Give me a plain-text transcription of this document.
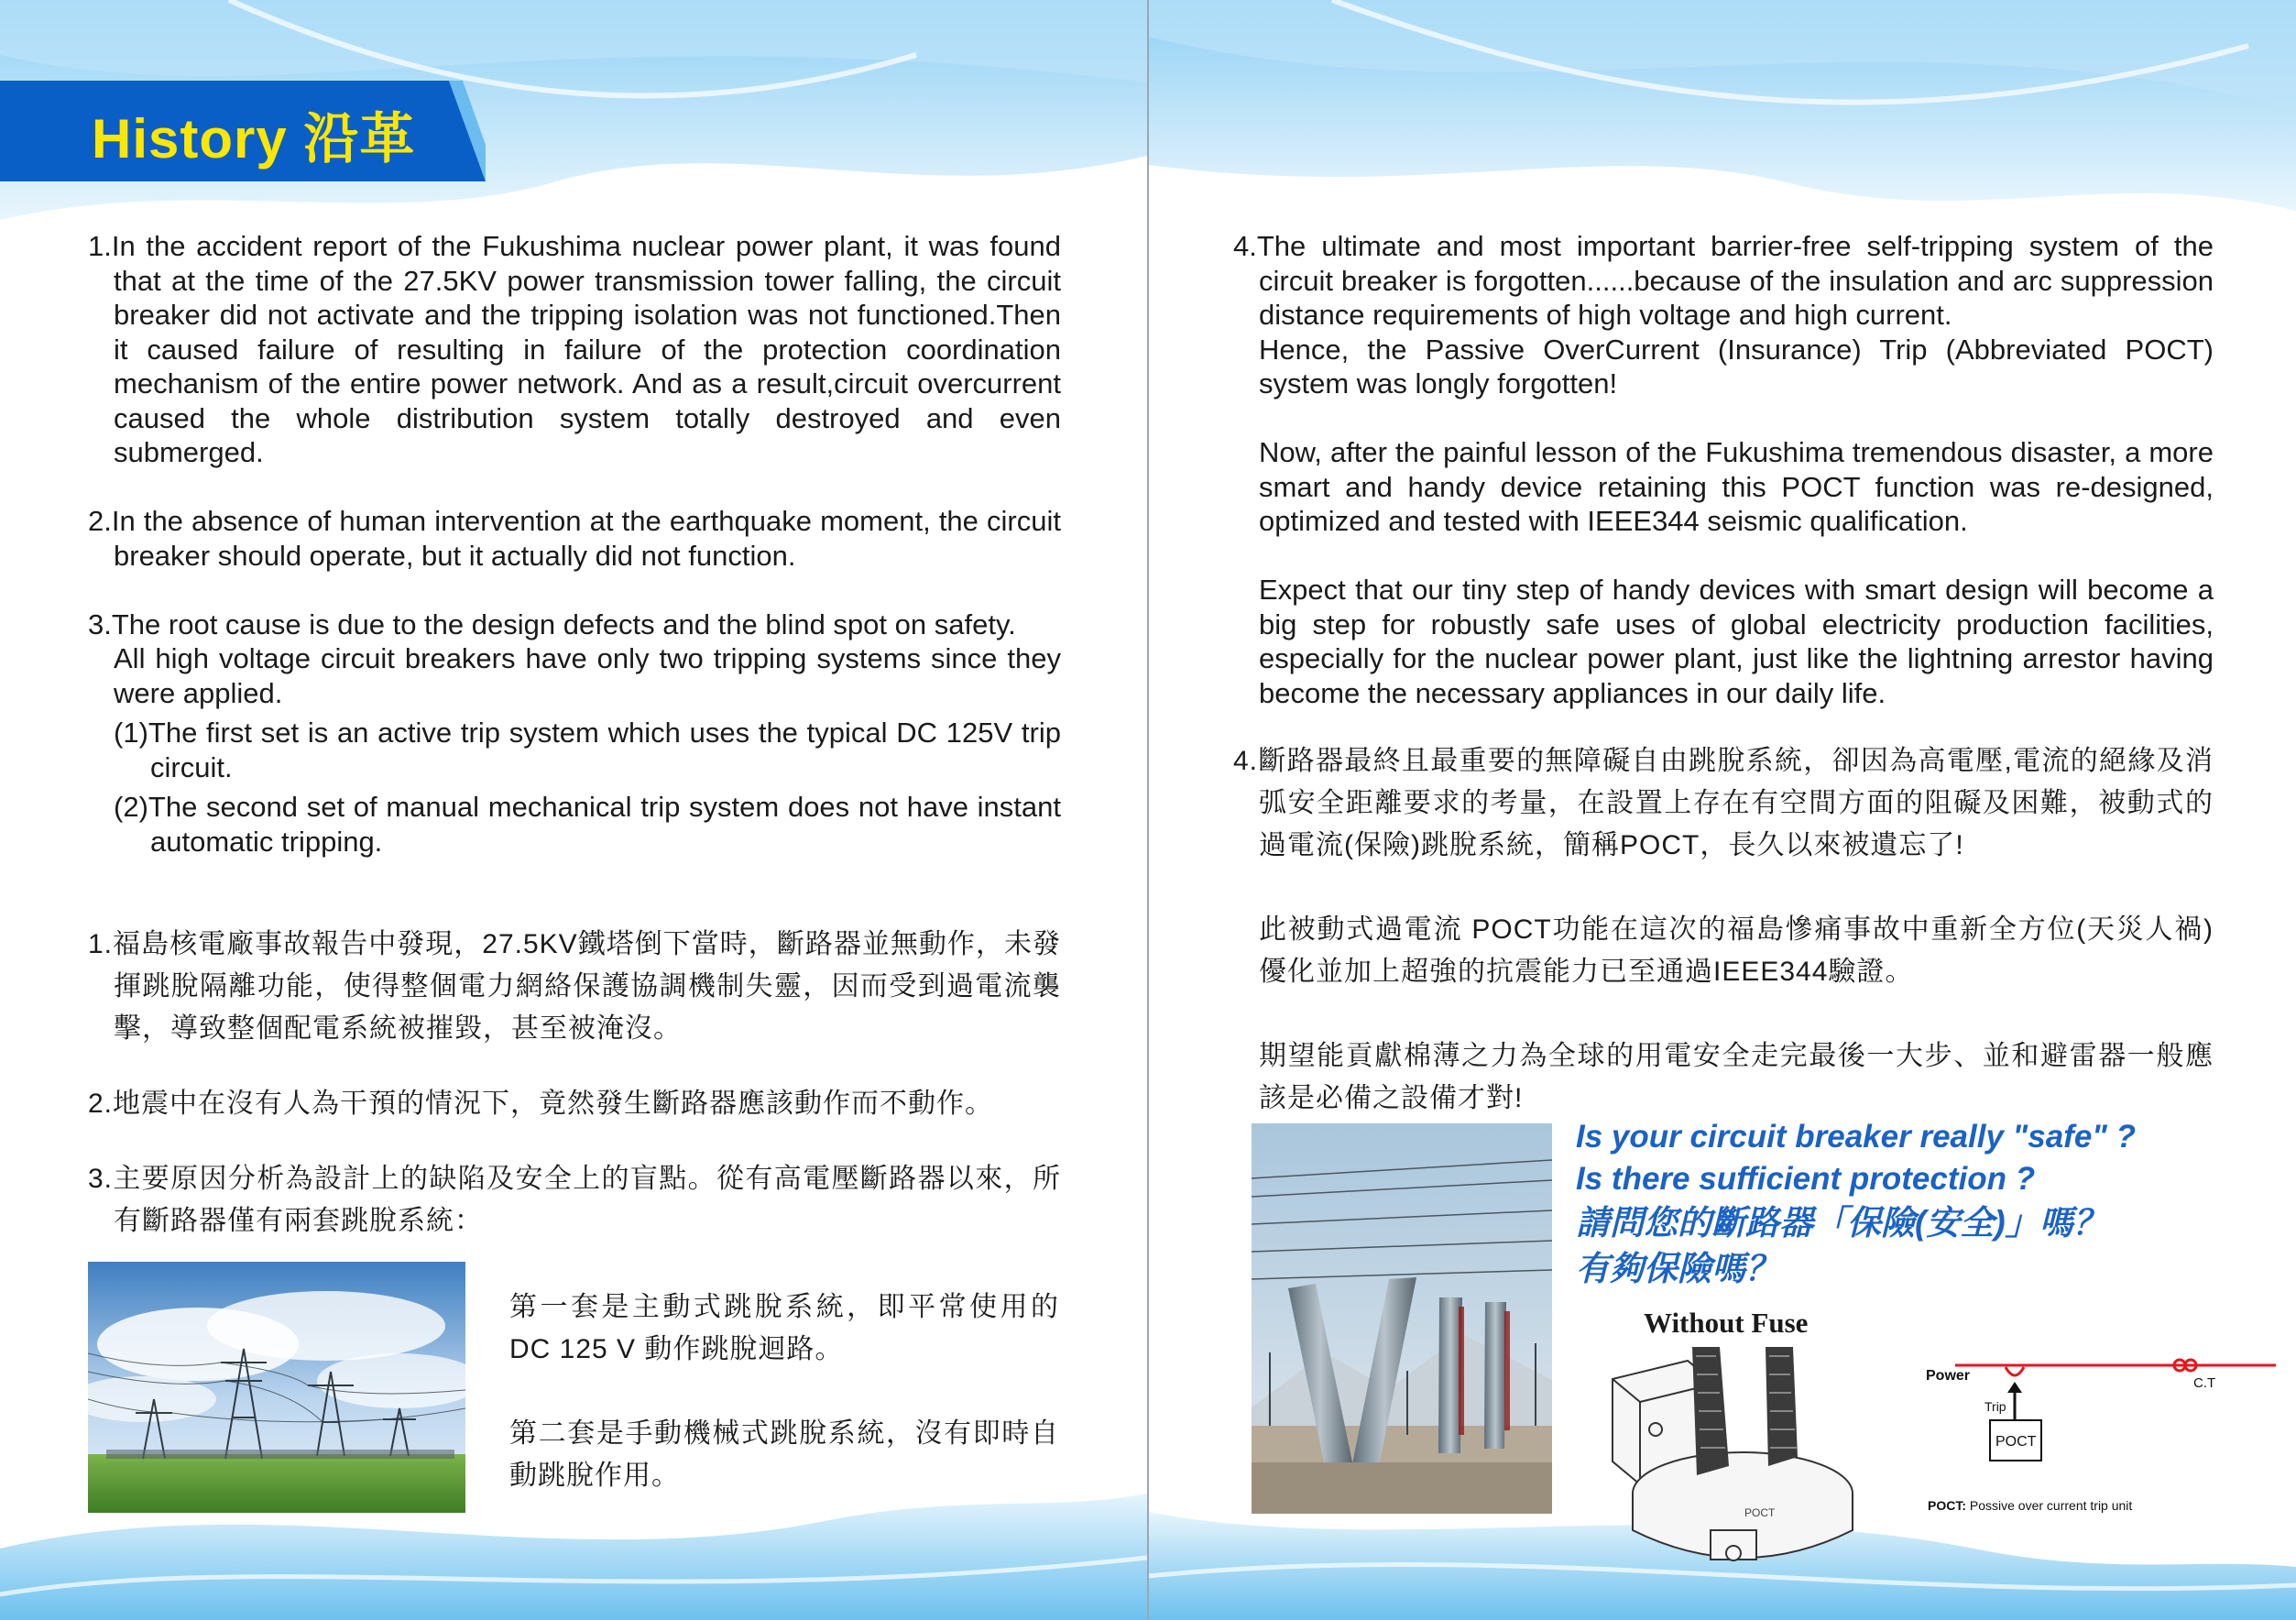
History 沿革

1.In the accident report of the Fukushima nuclear power plant, it was found that at the time of the 27.5KV power transmission tower falling, the circuit breaker did not activate and the tripping isolation was not functioned.Then it caused failure of resulting in failure of the protection coordination mechanism of the entire power network. And as a result,circuit overcurrent caused the whole distribution system totally destroyed and even submerged.

2.In the absence of human intervention at the earthquake moment, the circuit breaker should operate, but it actually did not function.

3.The root cause is due to the design defects and the blind spot on safety.

All high voltage circuit breakers have only two tripping systems since they were applied.

(1)The first set is an active trip system which uses the typical DC 125V trip circuit.

(2)The second set of manual mechanical trip system does not have instant automatic tripping.

1.福島核電廠事故報告中發現，27.5KV鐵塔倒下當時，斷路器並無動作，未發揮跳脫隔離功能，使得整個電力網絡保護協調機制失靈，因而受到過電流襲擊，導致整個配電系統被摧毀，甚至被淹沒。

2.地震中在沒有人為干預的情況下，竟然發生斷路器應該動作而不動作。

3.主要原因分析為設計上的缺陷及安全上的盲點。從有高電壓斷路器以來，所有斷路器僅有兩套跳脫系統：

第一套是主動式跳脫系統，即平常使用的DC 125 V 動作跳脫迴路。

第二套是手動機械式跳脫系統，沒有即時自動跳脫作用。

4.The ultimate and most important barrier-free self-tripping system of the circuit breaker is forgotten......because of the insulation and arc suppression distance requirements of high voltage and high current.

Hence, the Passive OverCurrent (Insurance) Trip (Abbreviated POCT) system was longly forgotten!

Now, after the painful lesson of the Fukushima tremendous disaster, a more smart and handy device retaining this POCT function was re-designed, optimized and tested with IEEE344 seismic qualification.

Expect that our tiny step of handy devices with smart design will become a big step for robustly safe uses of global electricity production facilities, especially for the nuclear power plant, just like the lightning arrestor having become the necessary appliances in our daily life.

4.斷路器最終且最重要的無障礙自由跳脫系統，卻因為高電壓,電流的絕緣及消弧安全距離要求的考量，在設置上存在有空間方面的阻礙及困難，被動式的過電流(保險)跳脫系統，簡稱POCT，長久以來被遺忘了!

此被動式過電流 POCT功能在這次的福島慘痛事故中重新全方位(天災人禍)優化並加上超強的抗震能力已至通過IEEE344驗證。

期望能貢獻棉薄之力為全球的用電安全走完最後一大步、並和避雷器一般應該是必備之設備才對!

Is your circuit breaker really "safe" ?
Is there sufficient protection ?
請問您的斷路器「保險(安全)」嗎？
有夠保險嗎？
Without Fuse
POCT
Power	C.T
Trip
POCT
POCT: Possive over current trip unit
